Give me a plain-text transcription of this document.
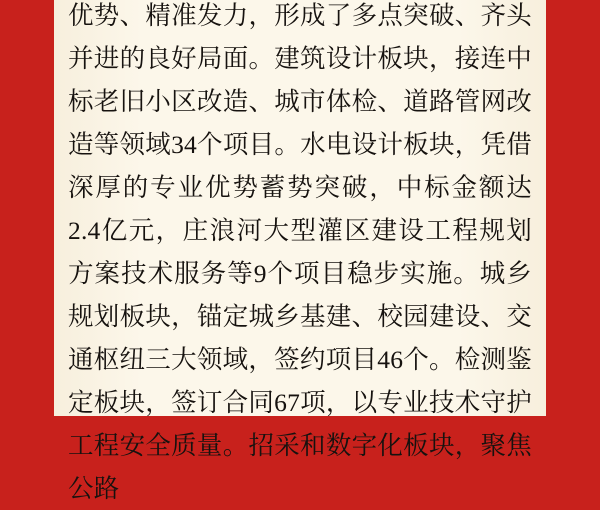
优势、精准发力，形成了多点突破、齐头并进的良好局面。建筑设计板块，接连中标老旧小区改造、城市体检、道路管网改造等领域34个项目。水电设计板块，凭借深厚的专业优势蓄势突破，中标金额达2.4亿元，庄浪河大型灌区建设工程规划方案技术服务等9个项目稳步实施。城乡规划板块，锚定城乡基建、校园建设、交通枢纽三大领域，签约项目46个。检测鉴定板块，签订合同67项，以专业技术守护工程安全质量。招采和数字化板块，聚焦公路
